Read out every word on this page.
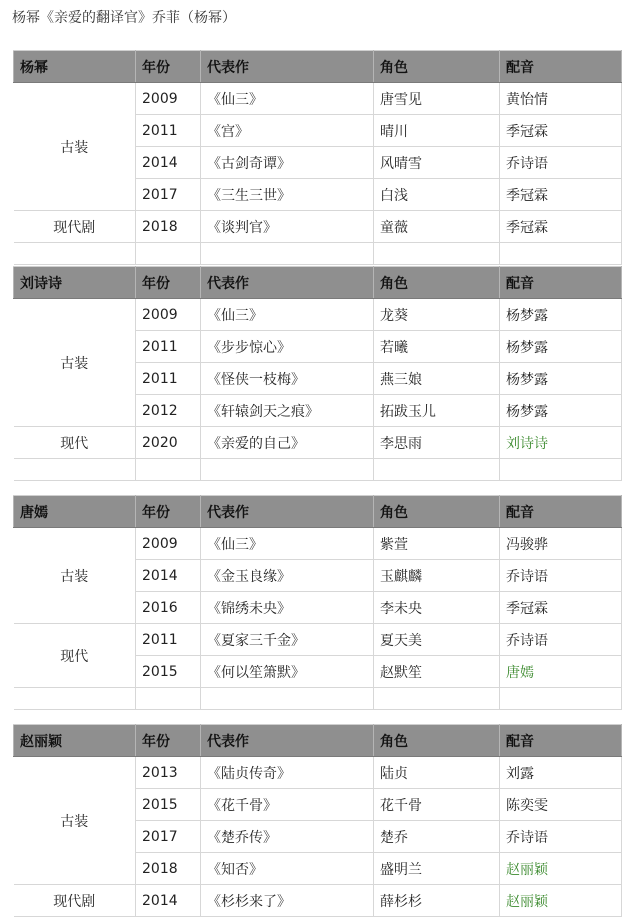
杨幂《亲爱的翻译官》乔菲（杨幂）
杨幂	年份	代表作	角色	配音
古装	2009	《仙三》	唐雪见	黄怡情
	2011	《宫》	晴川	季冠霖
	2014	《古剑奇谭》	风晴雪	乔诗语
	2017	《三生三世》	白浅	季冠霖
现代剧	2018	《谈判官》	童薇	季冠霖

刘诗诗	年份	代表作	角色	配音
古装	2009	《仙三》	龙葵	杨梦露
	2011	《步步惊心》	若曦	杨梦露
	2011	《怪侠一枝梅》	燕三娘	杨梦露
	2012	《轩辕剑天之痕》	拓跋玉儿	杨梦露
现代	2020	《亲爱的自己》	李思雨	刘诗诗

唐嫣	年份	代表作	角色	配音
古装	2009	《仙三》	紫萱	冯骏骅
	2014	《金玉良缘》	玉麒麟	乔诗语
	2016	《锦绣未央》	李未央	季冠霖
现代	2011	《夏家三千金》	夏天美	乔诗语
	2015	《何以笙箫默》	赵默笙	唐嫣

赵丽颖	年份	代表作	角色	配音
古装	2013	《陆贞传奇》	陆贞	刘露
	2015	《花千骨》	花千骨	陈奕雯
	2017	《楚乔传》	楚乔	乔诗语
	2018	《知否》	盛明兰	赵丽颖
现代剧	2014	《杉杉来了》	薛杉杉	赵丽颖
